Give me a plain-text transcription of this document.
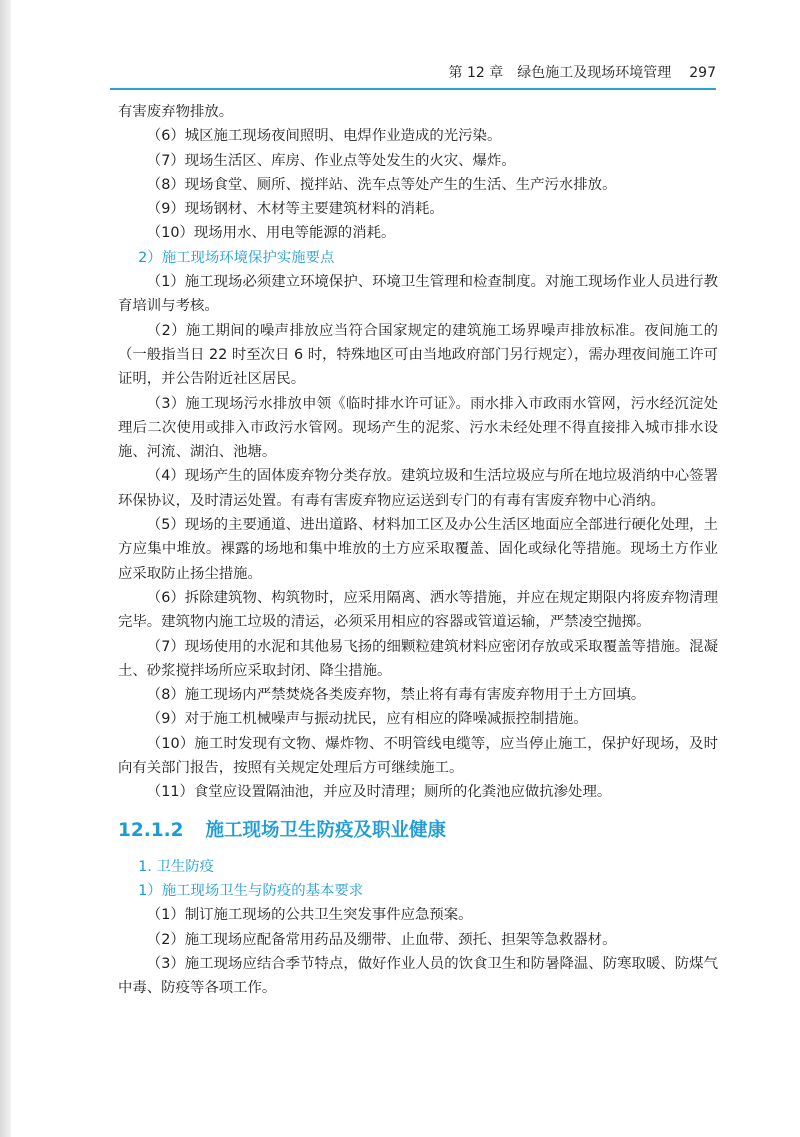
第 12 章 绿色施工及现场环境管理 297

有害废弃物排放。

（6）城区施工现场夜间照明、电焊作业造成的光污染。

（7）现场生活区、库房、作业点等处发生的火灾、爆炸。

（8）现场食堂、厕所、搅拌站、洗车点等处产生的生活、生产污水排放。

（9）现场钢材、木材等主要建筑材料的消耗。

（10）现场用水、用电等能源的消耗。

2）施工现场环境保护实施要点

（1）施工现场必须建立环境保护、环境卫生管理和检查制度。对施工现场作业人员进行教育培训与考核。

（2）施工期间的噪声排放应当符合国家规定的建筑施工场界噪声排放标准。夜间施工的（一般指当日 22 时至次日 6 时，特殊地区可由当地政府部门另行规定），需办理夜间施工许可证明，并公告附近社区居民。

（3）施工现场污水排放申领《临时排水许可证》。雨水排入市政雨水管网，污水经沉淀处理后二次使用或排入市政污水管网。现场产生的泥浆、污水未经处理不得直接排入城市排水设施、河流、湖泊、池塘。

（4）现场产生的固体废弃物分类存放。建筑垃圾和生活垃圾应与所在地垃圾消纳中心签署环保协议，及时清运处置。有毒有害废弃物应运送到专门的有毒有害废弃物中心消纳。

（5）现场的主要通道、进出道路、材料加工区及办公生活区地面应全部进行硬化处理，土方应集中堆放。裸露的场地和集中堆放的土方应采取覆盖、固化或绿化等措施。现场土方作业应采取防止扬尘措施。

（6）拆除建筑物、构筑物时，应采用隔离、洒水等措施，并应在规定期限内将废弃物清理完毕。建筑物内施工垃圾的清运，必须采用相应的容器或管道运输，严禁凌空抛掷。

（7）现场使用的水泥和其他易飞扬的细颗粒建筑材料应密闭存放或采取覆盖等措施。混凝土、砂浆搅拌场所应采取封闭、降尘措施。

（8）施工现场内严禁焚烧各类废弃物，禁止将有毒有害废弃物用于土方回填。

（9）对于施工机械噪声与振动扰民，应有相应的降噪减振控制措施。

（10）施工时发现有文物、爆炸物、不明管线电缆等，应当停止施工，保护好现场，及时向有关部门报告，按照有关规定处理后方可继续施工。

（11）食堂应设置隔油池，并应及时清理；厕所的化粪池应做抗渗处理。

12.1.2 施工现场卫生防疫及职业健康
1. 卫生防疫
1）施工现场卫生与防疫的基本要求

（1）制订施工现场的公共卫生突发事件应急预案。

（2）施工现场应配备常用药品及绷带、止血带、颈托、担架等急救器材。

（3）施工现场应结合季节特点，做好作业人员的饮食卫生和防暑降温、防寒取暖、防煤气中毒、防疫等各项工作。
